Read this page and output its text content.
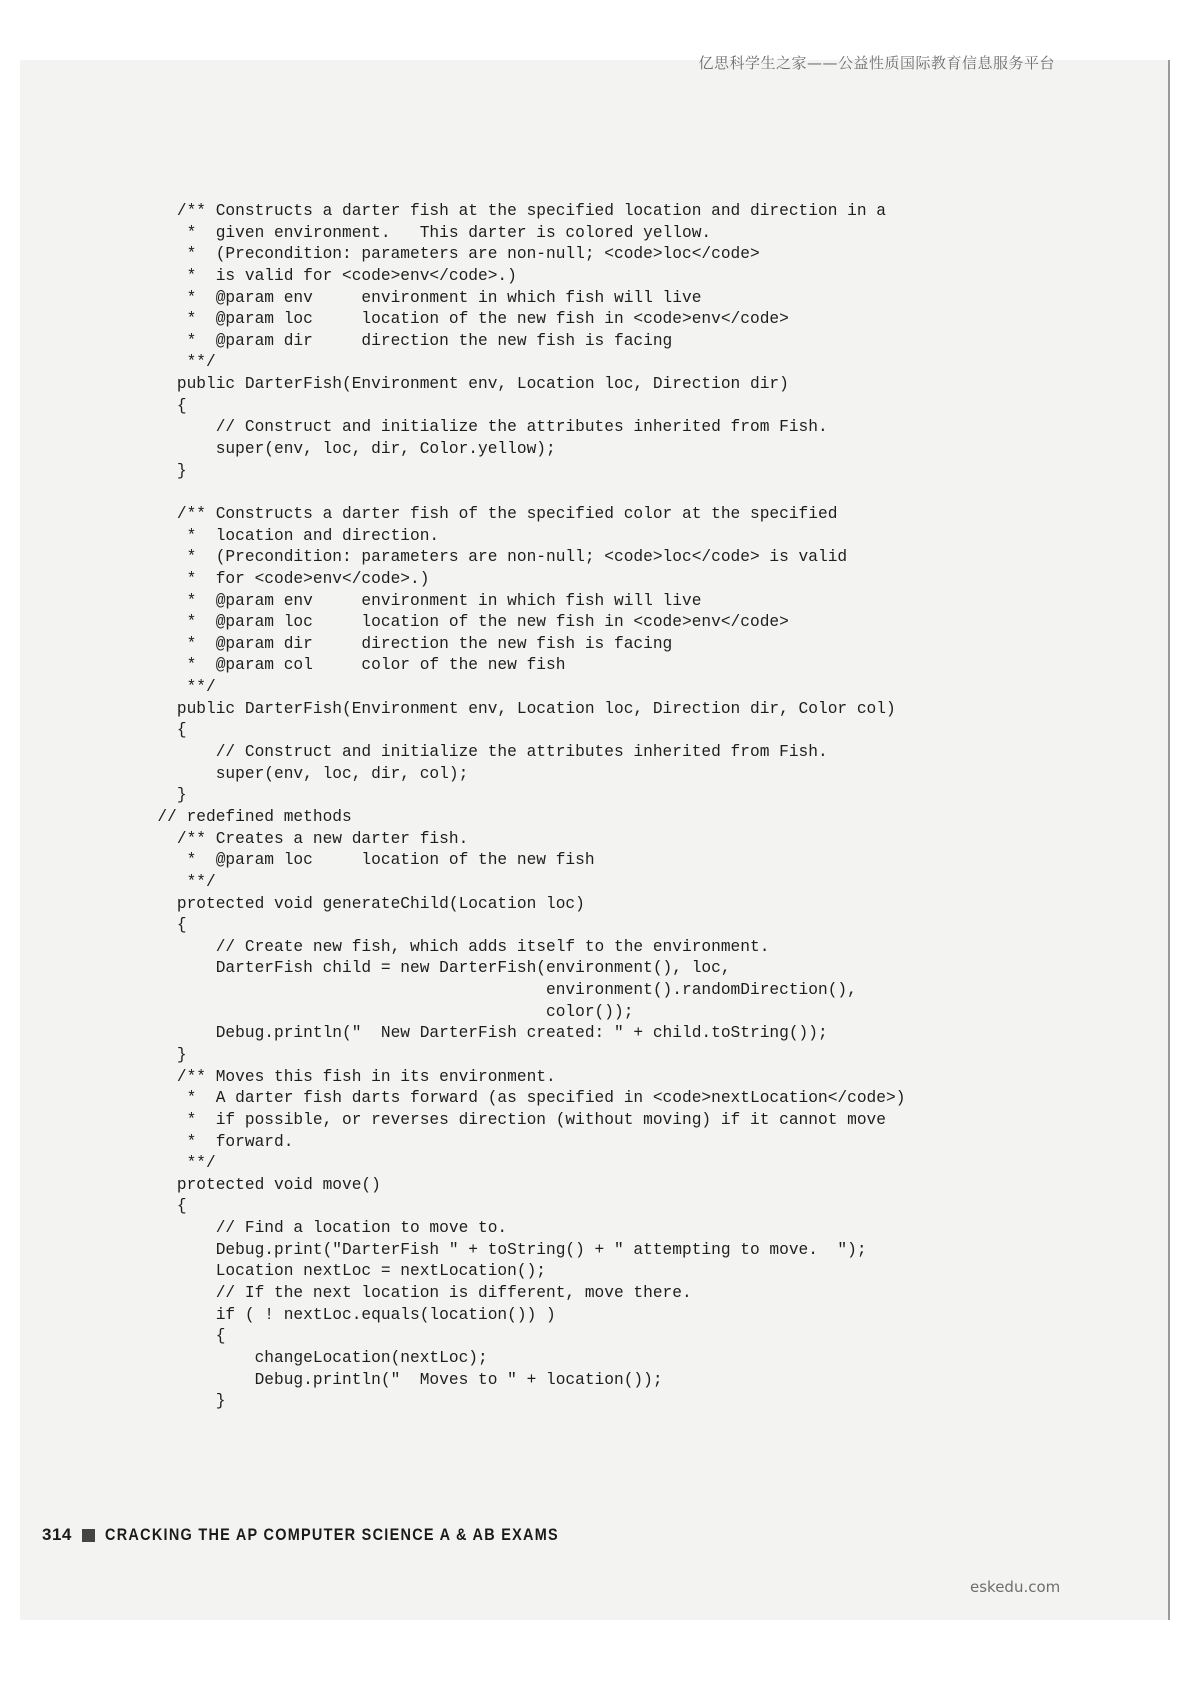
亿思科学生之家——公益性质国际教育信息服务平台
/** Constructs a darter fish at the specified location and direction in a
*  given environment.   This darter is colored yellow.
*  (Precondition: parameters are non-null; <code>loc</code>
*  is valid for <code>env</code>.)
*  @param env     environment in which fish will live
*  @param loc     location of the new fish in <code>env</code>
*  @param dir     direction the new fish is facing
**/
public DarterFish(Environment env, Location loc, Direction dir)
{
// Construct and initialize the attributes inherited from Fish.
super(env, loc, dir, Color.yellow);
}
/** Constructs a darter fish of the specified color at the specified
*  location and direction.
*  (Precondition: parameters are non-null; <code>loc</code> is valid
*  for <code>env</code>.)
*  @param env     environment in which fish will live
*  @param loc     location of the new fish in <code>env</code>
*  @param dir     direction the new fish is facing
*  @param col     color of the new fish
**/
public DarterFish(Environment env, Location loc, Direction dir, Color col)
{
// Construct and initialize the attributes inherited from Fish.
super(env, loc, dir, col);
}
// redefined methods
/** Creates a new darter fish.
*  @param loc     location of the new fish
**/
protected void generateChild(Location loc)
{
// Create new fish, which adds itself to the environment.
DarterFish child = new DarterFish(environment(), loc,
environment().randomDirection(),
color());
Debug.println("  New DarterFish created: " + child.toString());
}
/** Moves this fish in its environment.
*  A darter fish darts forward (as specified in <code>nextLocation</code>)
*  if possible, or reverses direction (without moving) if it cannot move
*  forward.
**/
protected void move()
{
// Find a location to move to.
Debug.print("DarterFish " + toString() + " attempting to move.  ");
Location nextLoc = nextLocation();
// If the next location is different, move there.
if ( ! nextLoc.equals(location()) )
{
changeLocation(nextLoc);
Debug.println("  Moves to " + location());
}
314 CRACKING THE AP COMPUTER SCIENCE A & AB EXAMS
eskedu.com
